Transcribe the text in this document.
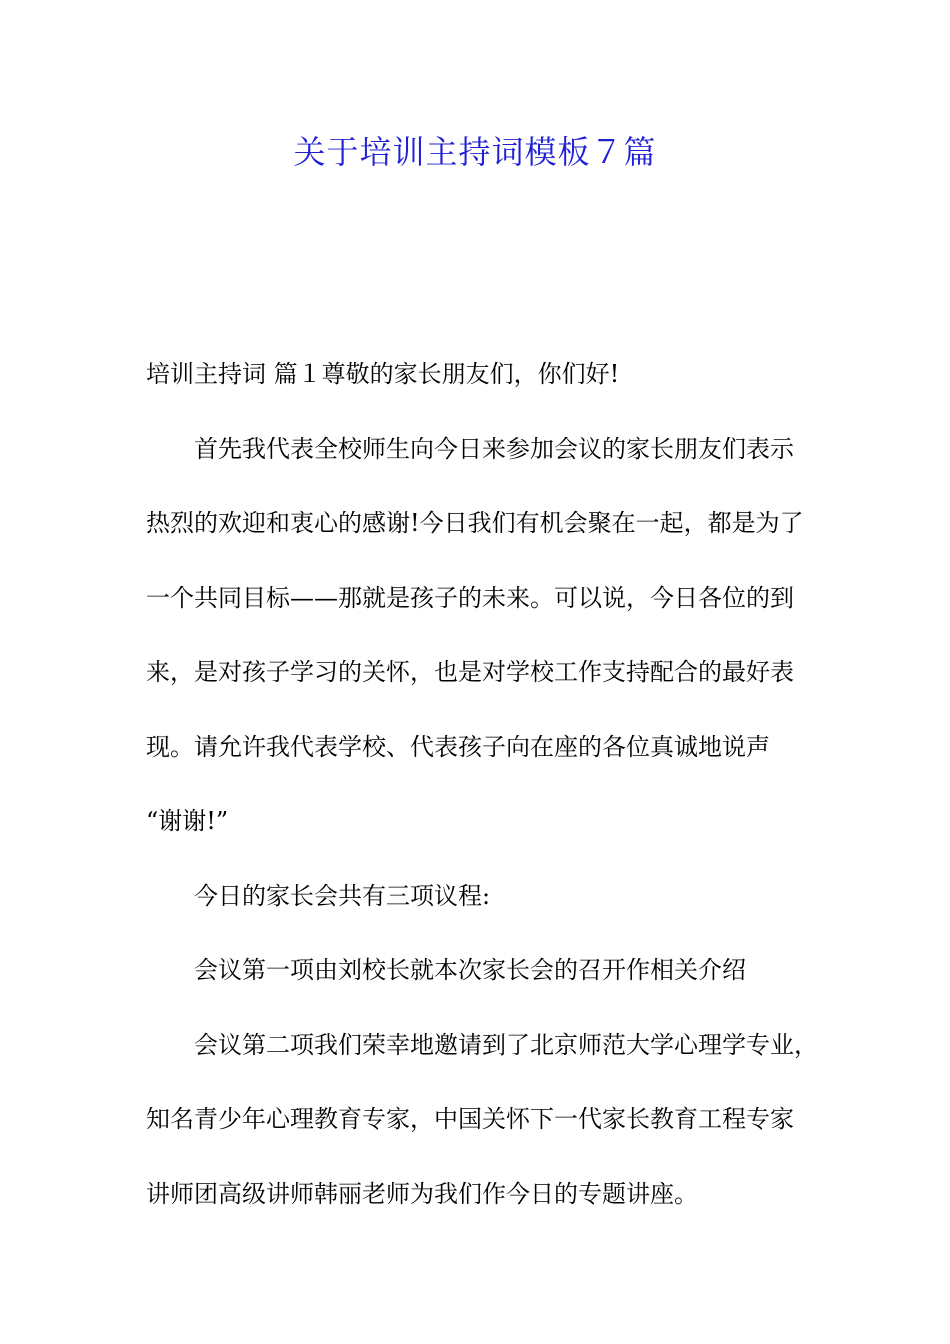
关于培训主持词模板７篇

培训主持词 篇１尊敬的家长朋友们，你们好!

首先我代表全校师生向今日来参加会议的家长朋友们表示

热烈的欢迎和衷心的感谢!今日我们有机会聚在一起，都是为了

一个共同目标——那就是孩子的未来。可以说，今日各位的到

来，是对孩子学习的关怀，也是对学校工作支持配合的最好表

现。请允许我代表学校、代表孩子向在座的各位真诚地说声

“谢谢!”

今日的家长会共有三项议程:

会议第一项由刘校长就本次家长会的召开作相关介绍

会议第二项我们荣幸地邀请到了北京师范大学心理学专业，

知名青少年心理教育专家，中国关怀下一代家长教育工程专家

讲师团高级讲师韩丽老师为我们作今日的专题讲座。
